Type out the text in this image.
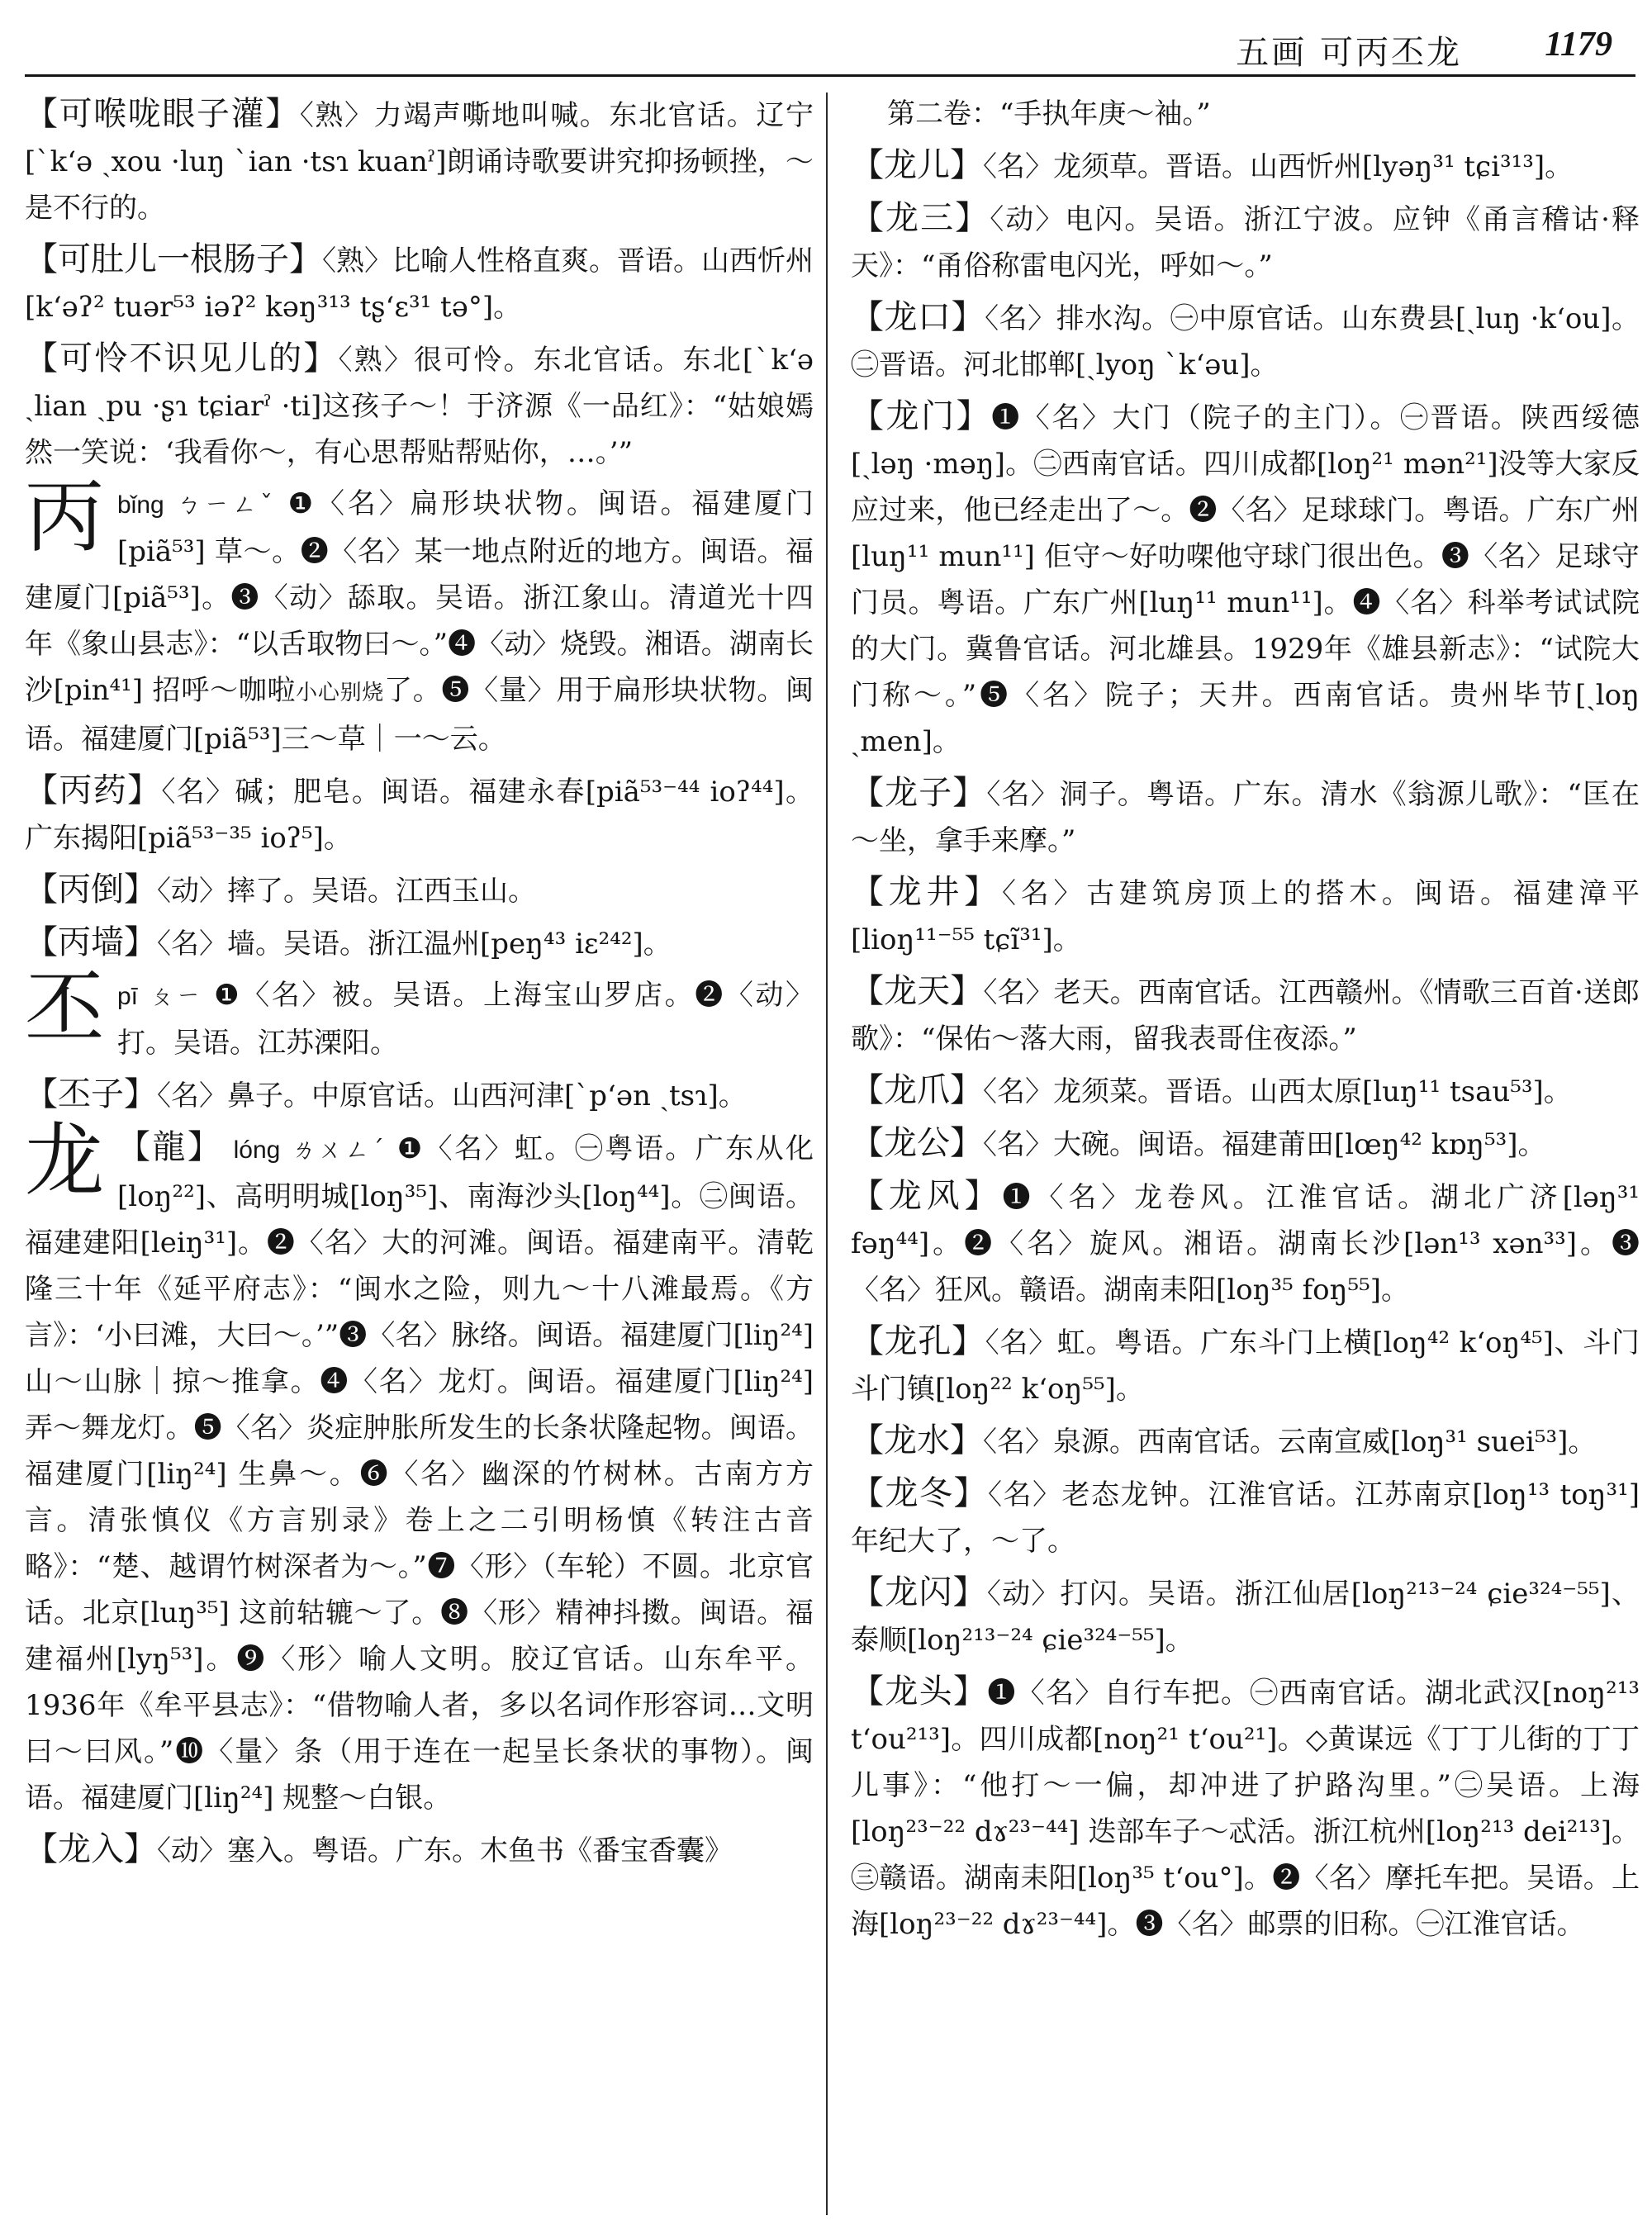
五画 可丙丕龙 1179
【可喉咙眼子灌】〈熟〉力竭声嘶地叫喊。东北官话。辽宁[ˋk‘ə ˏxou ·luŋ ˋian ·tsɿ kuanˀ]朗诵诗歌要讲究抑扬顿挫，～是不行的。
【可肚儿一根肠子】〈熟〉比喻人性格直爽。晋语。山西忻州[k‘əʔ² tuər⁵³ iəʔ² kəŋ³¹³ tʂ‘ɛ³¹ tə°]。
【可怜不识见儿的】〈熟〉很可怜。东北官话。东北[ˋk‘ə ˏlian ˏpu ·ʂɿ tɕiarˀ ·ti]这孩子～！于济源《一品红》：“姑娘嫣然一笑说：‘我看你～，有心思帮贴帮贴你，…。’”
丙 bǐng ㄅㄧㄥˇ ❶〈名〉扁形块状物。闽语。福建厦门[piã⁵³] 草～。❷〈名〉某一地点附近的地方。闽语。福建厦门[piã⁵³]。❸〈动〉舔取。吴语。浙江象山。清道光十四年《象山县志》：“以舌取物曰～。”❹〈动〉烧毁。湘语。湖南长沙[pin⁴¹] 招呼～咖啦小心别烧了。❺〈量〉用于扁形块状物。闽语。福建厦门[piã⁵³]三～草｜一～云。
【丙药】〈名〉碱；肥皂。闽语。福建永春[piã⁵³⁻⁴⁴ ioʔ⁴⁴]。广东揭阳[piã⁵³⁻³⁵ ioʔ⁵]。
【丙倒】〈动〉摔了。吴语。江西玉山。
【丙墙】〈名〉墙。吴语。浙江温州[peŋ⁴³ iɛ²⁴²]。
丕 pī ㄆㄧ ❶〈名〉被。吴语。上海宝山罗店。❷〈动〉打。吴语。江苏溧阳。
【丕子】〈名〉鼻子。中原官话。山西河津[ˋp‘ən ˏtsɿ]。
龙 【龍】 lóng ㄌㄨㄥˊ ❶〈名〉虹。㊀粤语。广东从化[loŋ²²]、高明明城[loŋ³⁵]、南海沙头[loŋ⁴⁴]。㊁闽语。福建建阳[leiŋ³¹]。❷〈名〉大的河滩。闽语。福建南平。清乾隆三十年《延平府志》：“闽水之险，则九～十八滩最焉。《方言》：‘小曰滩，大曰～。’”❸〈名〉脉络。闽语。福建厦门[liŋ²⁴] 山～山脉｜掠～推拿。❹〈名〉龙灯。闽语。福建厦门[liŋ²⁴] 弄～舞龙灯。❺〈名〉炎症肿胀所发生的长条状隆起物。闽语。福建厦门[liŋ²⁴] 生鼻～。❻〈名〉幽深的竹树林。古南方方言。清张慎仪《方言别录》卷上之二引明杨慎《转注古音略》：“楚、越谓竹树深者为～。”❼〈形〉（车轮）不圆。北京官话。北京[luŋ³⁵] 这前轱辘～了。❽〈形〉精神抖擞。闽语。福建福州[lyŋ⁵³]。❾〈形〉喻人文明。胶辽官话。山东牟平。1936年《牟平县志》：“借物喻人者，多以名词作形容词…文明曰～曰风。”❿〈量〉条（用于连在一起呈长条状的事物）。闽语。福建厦门[liŋ²⁴] 规整～白银。
【龙入】〈动〉塞入。粤语。广东。木鱼书《番宝香囊》
第二卷：“手执年庚～袖。”
【龙儿】〈名〉龙须草。晋语。山西忻州[lyəŋ³¹ tɕi³¹³]。
【龙三】〈动〉电闪。吴语。浙江宁波。应钟《甬言稽诂·释天》：“甬俗称雷电闪光，呼如～。”
【龙口】〈名〉排水沟。㊀中原官话。山东费县[ˏluŋ ·k‘ou]。㊁晋语。河北邯郸[ˏlyoŋ ˋk‘əu]。
【龙门】❶〈名〉大门（院子的主门）。㊀晋语。陕西绥德[ˏləŋ ·məŋ]。㊁西南官话。四川成都[loŋ²¹ mən²¹]没等大家反应过来，他已经走出了～。❷〈名〉足球球门。粤语。广东广州[luŋ¹¹ mun¹¹] 佢守～好叻㗎他守球门很出色。❸〈名〉足球守门员。粤语。广东广州[luŋ¹¹ mun¹¹]。❹〈名〉科举考试试院的大门。冀鲁官话。河北雄县。1929年《雄县新志》：“试院大门称～。”❺〈名〉院子；天井。西南官话。贵州毕节[ˏloŋ ˏmen]。
【龙子】〈名〉洞子。粤语。广东。清水《翁源儿歌》：“匡在～坐，拿手来摩。”
【龙井】〈名〉古建筑房顶上的搭木。闽语。福建漳平[lioŋ¹¹⁻⁵⁵ tɕĩ³¹]。
【龙天】〈名〉老天。西南官话。江西赣州。《情歌三百首·送郎歌》：“保佑～落大雨，留我表哥住夜添。”
【龙爪】〈名〉龙须菜。晋语。山西太原[luŋ¹¹ tsau⁵³]。
【龙公】〈名〉大碗。闽语。福建莆田[lœŋ⁴² kɒŋ⁵³]。
【龙风】❶〈名〉龙卷风。江淮官话。湖北广济[ləŋ³¹ fəŋ⁴⁴]。❷〈名〉旋风。湘语。湖南长沙[lən¹³ xən³³]。❸〈名〉狂风。赣语。湖南耒阳[loŋ³⁵ foŋ⁵⁵]。
【龙孔】〈名〉虹。粤语。广东斗门上横[loŋ⁴² k‘oŋ⁴⁵]、斗门斗门镇[loŋ²² k‘oŋ⁵⁵]。
【龙水】〈名〉泉源。西南官话。云南宣威[loŋ³¹ suei⁵³]。
【龙冬】〈名〉老态龙钟。江淮官话。江苏南京[loŋ¹³ toŋ³¹] 年纪大了，～了。
【龙闪】〈动〉打闪。吴语。浙江仙居[loŋ²¹³⁻²⁴ ɕie³²⁴⁻⁵⁵]、泰顺[loŋ²¹³⁻²⁴ ɕie³²⁴⁻⁵⁵]。
【龙头】❶〈名〉自行车把。㊀西南官话。湖北武汉[noŋ²¹³ t‘ou²¹³]。四川成都[noŋ²¹ t‘ou²¹]。◇黄谋远《丁丁儿街的丁丁儿事》：“他打～一偏，却冲进了护路沟里。”㊁吴语。上海[loŋ²³⁻²² dɤ²³⁻⁴⁴] 迭部车子～忒活。浙江杭州[loŋ²¹³ dei²¹³]。㊂赣语。湖南耒阳[loŋ³⁵ t‘ou°]。❷〈名〉摩托车把。吴语。上海[loŋ²³⁻²² dɤ²³⁻⁴⁴]。❸〈名〉邮票的旧称。㊀江淮官话。
